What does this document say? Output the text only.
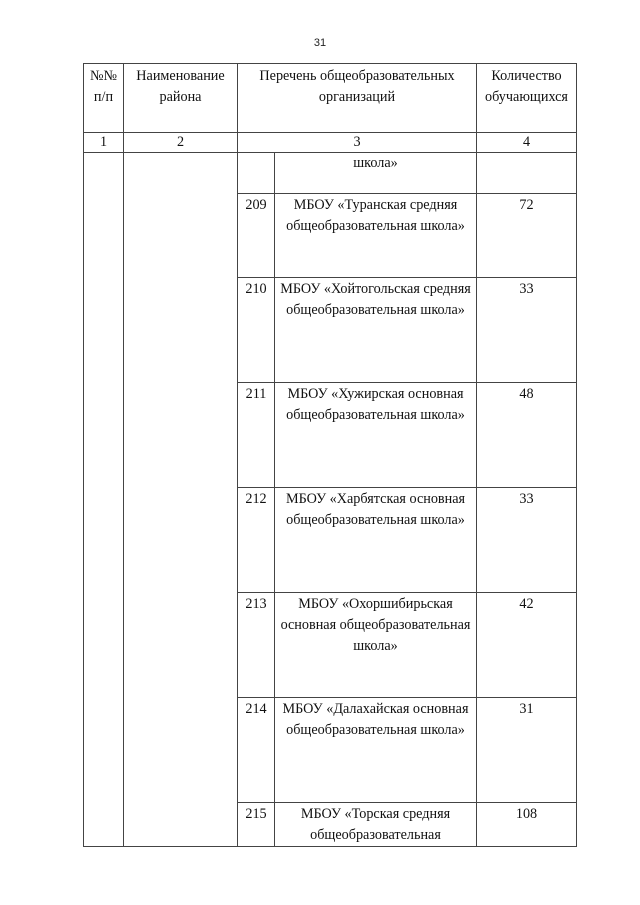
31
№№ п/п	Наименование района	Перечень общеобразовательных организаций		Количество обучающихся
1	2	3		4
			школа»	
		209	МБОУ «Туранская средняя общеобразовательная школа»	72
		210	МБОУ «Хойтогольская средняя общеобразовательная школа»	33
		211	МБОУ «Хужирская основная общеобразовательная школа»	48
		212	МБОУ «Харбятская основная общеобразовательная школа»	33
		213	МБОУ «Охоршибирьская основная общеобразовательная школа»	42
		214	МБОУ «Далахайская основная общеобразовательная школа»	31
		215	МБОУ «Торская средняя общеобразовательная	108
